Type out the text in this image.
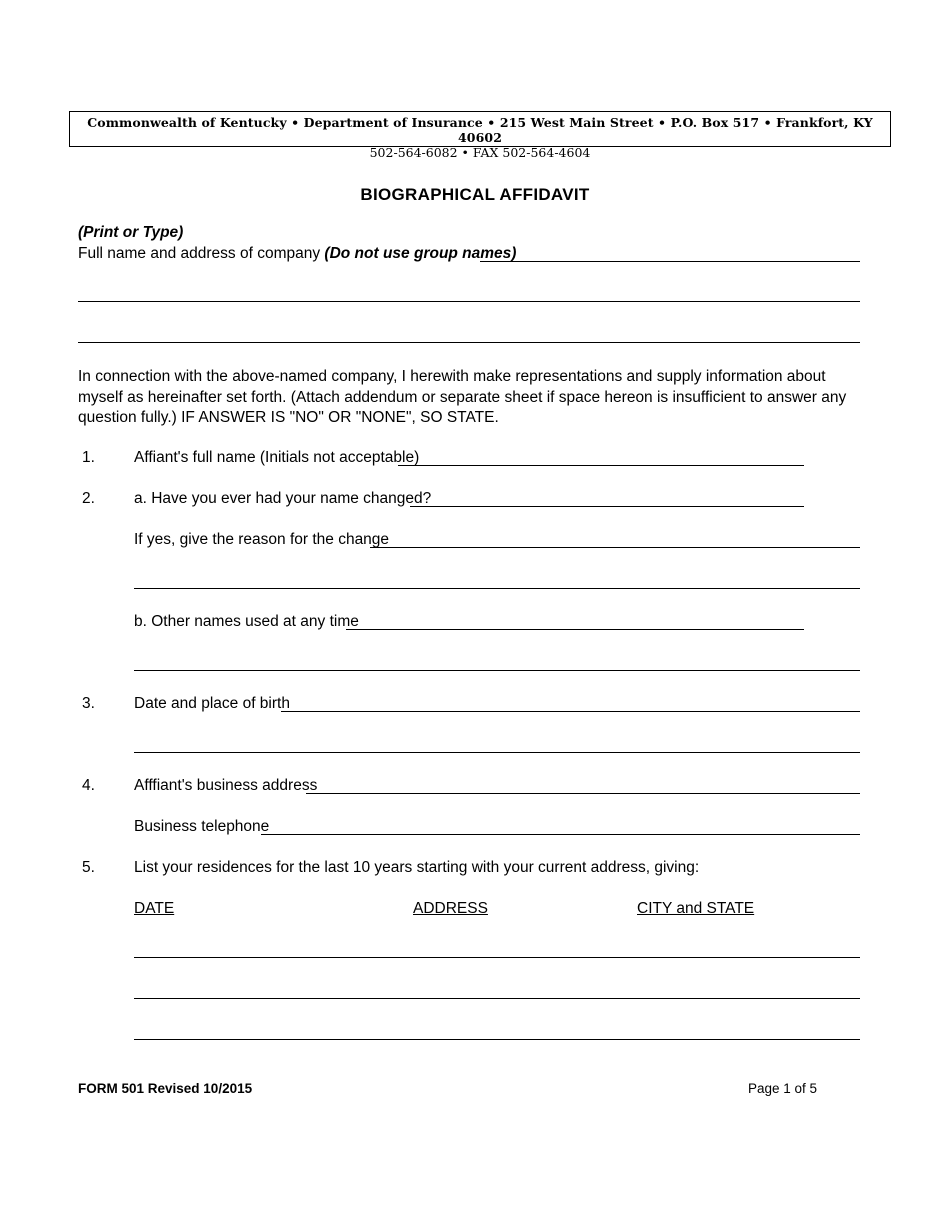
Commonwealth of Kentucky • Department of Insurance • 215 West Main Street • P.O. Box 517 • Frankfort, KY 40602
502-564-6082 • FAX 502-564-4604
BIOGRAPHICAL AFFIDAVIT
(Print or Type)
Full name and address of company (Do not use group names)
In connection with the above-named company, I herewith make representations and supply information about myself as hereinafter set forth. (Attach addendum or separate sheet if space hereon is insufficient to answer any question fully.) IF ANSWER IS "NO" OR "NONE", SO STATE.
1.	Affiant's full name (Initials not acceptable)
2.	a. Have you ever had your name changed?
If yes, give the reason for the change
b. Other names used at any time
3.	Date and place of birth
4.	Afffiant's business address
Business telephone
5.	List your residences for the last 10 years starting with your current address, giving:
DATE	ADDRESS	CITY and STATE
FORM 501 Revised 10/2015	Page 1 of 5
